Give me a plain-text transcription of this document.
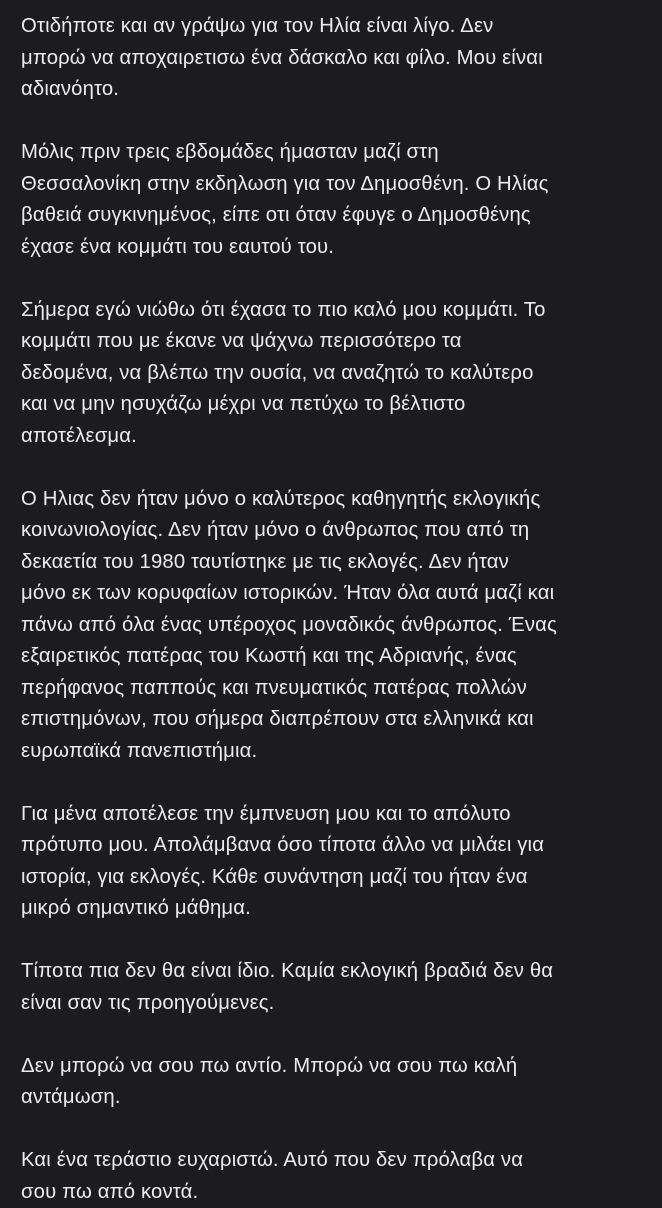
Οτιδήποτε και αν γράψω για τον Ηλία είναι λίγο. Δεν
μπορώ να αποχαιρετισω ένα δάσκαλο και φίλο. Μου είναι
αδιανόητο.
Μόλις πριν τρεις εβδομάδες ήμασταν μαζί στη
Θεσσαλονίκη στην εκδηλωση για τον Δημοσθένη. Ο Ηλίας
βαθειά συγκινημένος, είπε οτι όταν έφυγε ο Δημοσθένης
έχασε ένα κομμάτι του εαυτού του.
Σήμερα εγώ νιώθω ότι έχασα το πιο καλό μου κομμάτι. Το
κομμάτι που με έκανε να ψάχνω περισσότερο τα
δεδομένα, να βλέπω την ουσία, να αναζητώ το καλύτερο
και να μην ησυχάζω μέχρι να πετύχω το βέλτιστο
αποτέλεσμα.
Ο Ηλιας δεν ήταν μόνο ο καλύτερος καθηγητής εκλογικής
κοινωνιολογίας. Δεν ήταν μόνο ο άνθρωπος που από τη
δεκαετία του 1980 ταυτίστηκε με τις εκλογές. Δεν ήταν
μόνο εκ των κορυφαίων ιστορικών. Ήταν όλα αυτά μαζί και
πάνω από όλα ένας υπέροχος μοναδικός άνθρωπος. Ένας
εξαιρετικός πατέρας του Κωστή και της Αδριανής, ένας
περήφανος παππούς και πνευματικός πατέρας πολλών
επιστημόνων, που σήμερα διαπρέπουν στα ελληνικά και
ευρωπαϊκά πανεπιστήμια.
Για μένα αποτέλεσε την έμπνευση μου και το απόλυτο
πρότυπο μου. Απολάμβανα όσο τίποτα άλλο να μιλάει για
ιστορία, για εκλογές. Κάθε συνάντηση μαζί του ήταν ένα
μικρό σημαντικό μάθημα.
Τίποτα πια δεν θα είναι ίδιο. Καμία εκλογική βραδιά δεν θα
είναι σαν τις προηγούμενες.
Δεν μπορώ να σου πω αντίο. Μπορώ να σου πω καλή
αντάμωση.
Και ένα τεράστιο ευχαριστώ. Αυτό που δεν πρόλαβα να
σου πω από κοντά.
